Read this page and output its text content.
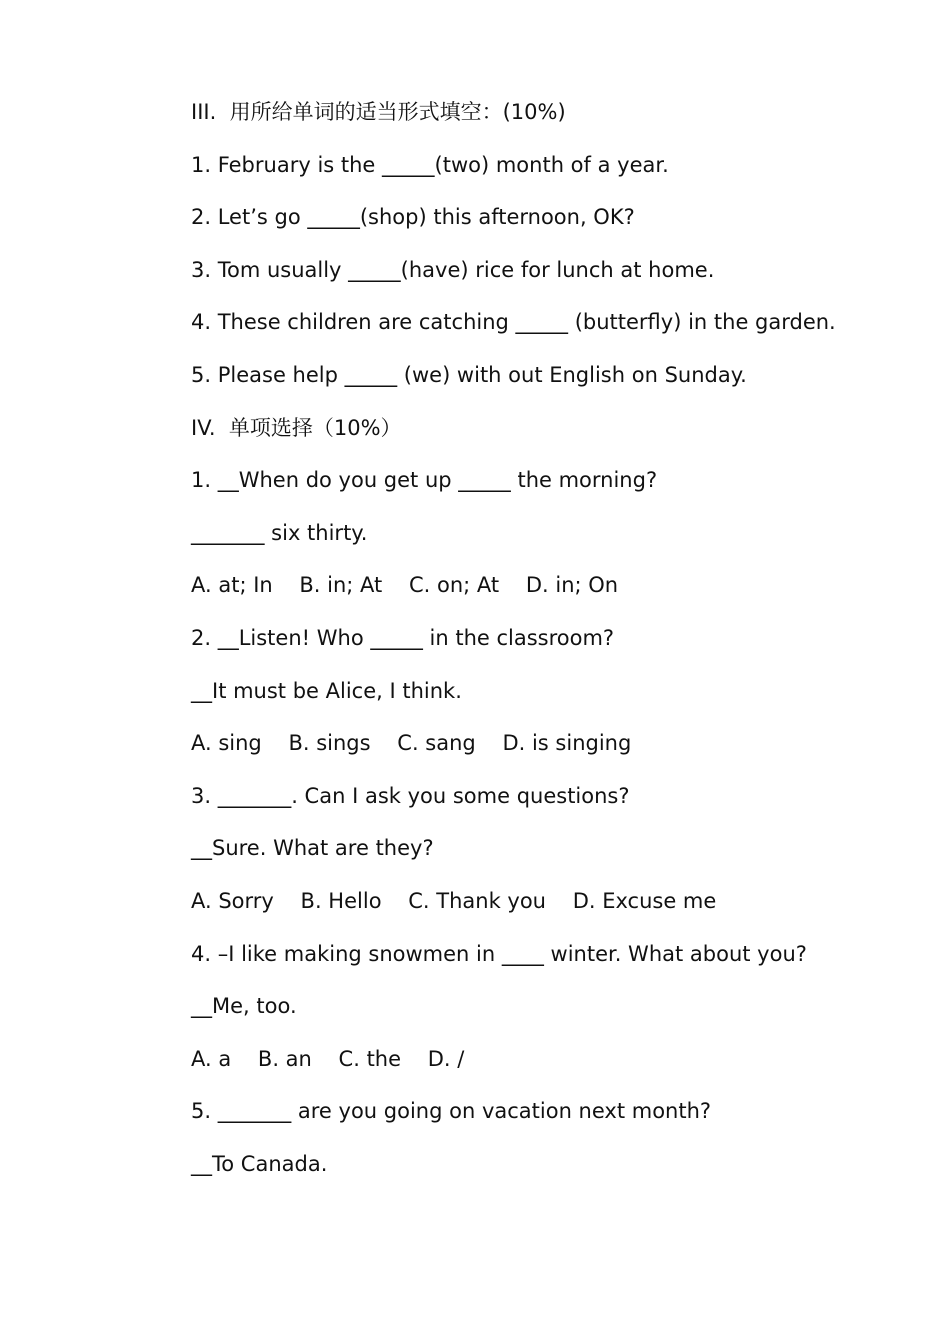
III.  用所给单词的适当形式填空：(10%)
1. February is the _____(two) month of a year.
2. Let’s go _____(shop) this afternoon, OK?
3. Tom usually _____(have) rice for lunch at home.
4. These children are catching _____ (butterfly) in the garden.
5. Please help _____ (we) with out English on Sunday.
IV.  单项选择（10%）
1. __When do you get up _____ the morning?
_______ six thirty.
A. at; In    B. in; At    C. on; At    D. in; On
2. __Listen! Who _____ in the classroom?
__It must be Alice, I think.
A. sing    B. sings    C. sang    D. is singing
3. _______. Can I ask you some questions?
__Sure. What are they?
A. Sorry    B. Hello    C. Thank you    D. Excuse me
4. –I like making snowmen in ____ winter. What about you?
__Me, too.
A. a    B. an    C. the    D. /
5. _______ are you going on vacation next month?
__To Canada.
